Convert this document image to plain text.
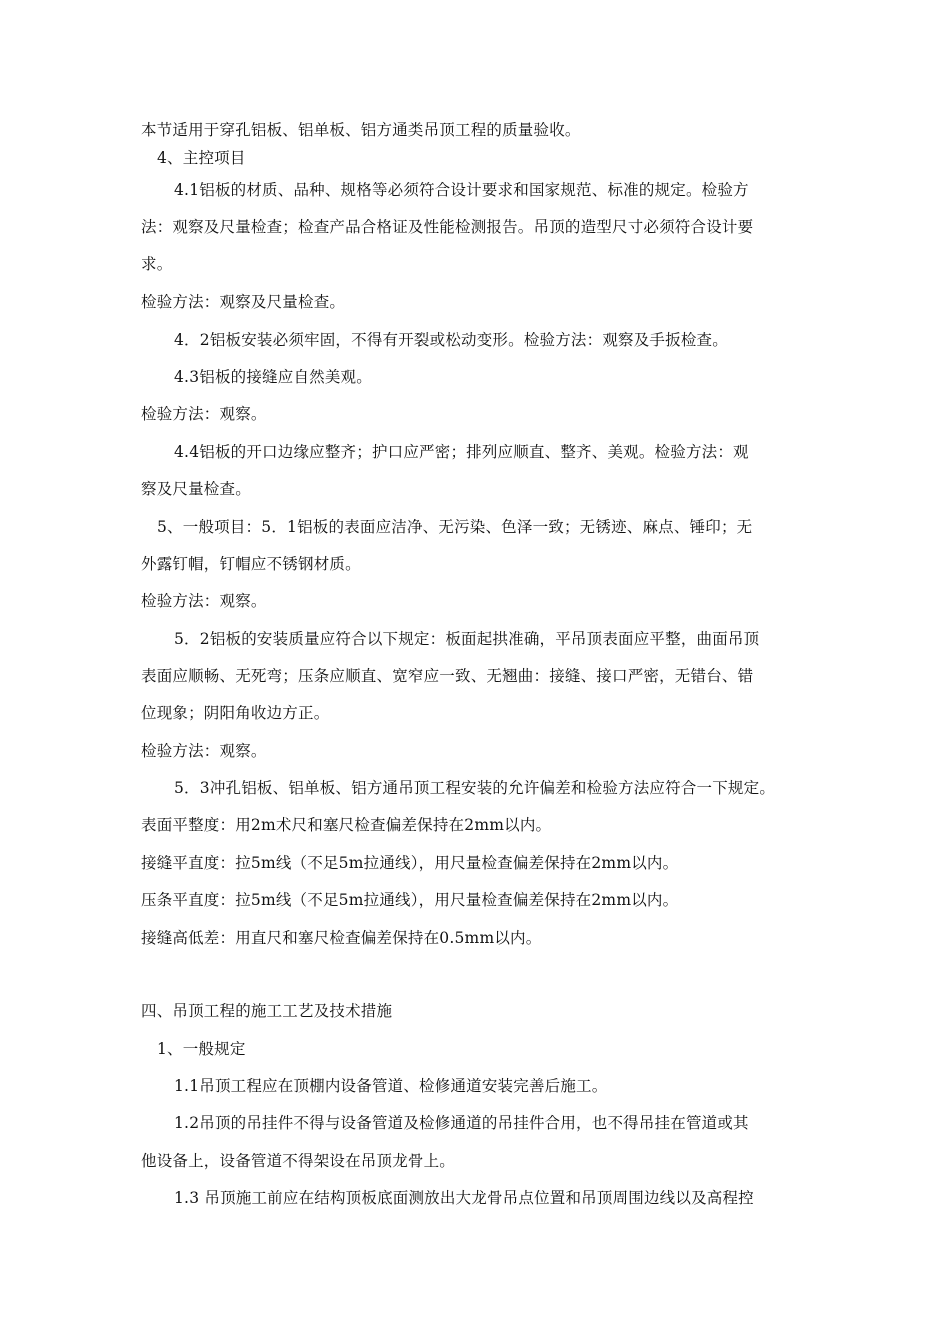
本节适用于穿孔铝板、铝单板、铝方通类吊顶工程的质量验收。
4、主控项目
4.1铝板的材质、品种、规格等必须符合设计要求和国家规范、标准的规定。检验方
法：观察及尺量检查；检查产品合格证及性能检测报告。吊顶的造型尺寸必须符合设计要
求。
检验方法：观察及尺量检查。
4．2铝板安装必须牢固，不得有开裂或松动变形。检验方法：观察及手扳检查。
4.3铝板的接缝应自然美观。
检验方法：观察。
4.4铝板的开口边缘应整齐；护口应严密；排列应顺直、整齐、美观。检验方法：观
察及尺量检查。
5、一般项目：5．1铝板的表面应洁净、无污染、色泽一致；无锈迹、麻点、锤印；无
外露钉帽，钉帽应不锈钢材质。
检验方法：观察。
5．2铝板的安装质量应符合以下规定：板面起拱准确，平吊顶表面应平整，曲面吊顶
表面应顺畅、无死弯；压条应顺直、宽窄应一致、无翘曲：接缝、接口严密，无错台、错
位现象；阴阳角收边方正。
检验方法：观察。
5．3冲孔铝板、铝单板、铝方通吊顶工程安装的允许偏差和检验方法应符合一下规定。
表面平整度：用2m术尺和塞尺检查偏差保持在2mm以内。
接缝平直度：拉5m线（不足5m拉通线），用尺量检查偏差保持在2mm以内。
压条平直度：拉5m线（不足5m拉通线），用尺量检查偏差保持在2mm以内。
接缝高低差：用直尺和塞尺检查偏差保持在0.5mm以内。
四、吊顶工程的施工工艺及技术措施
1、一般规定
1.1吊顶工程应在顶棚内设备管道、检修通道安装完善后施工。
1.2吊顶的吊挂件不得与设备管道及检修通道的吊挂件合用，也不得吊挂在管道或其
他设备上，设备管道不得架设在吊顶龙骨上。
1.3 吊顶施工前应在结构顶板底面测放出大龙骨吊点位置和吊顶周围边线以及高程控
